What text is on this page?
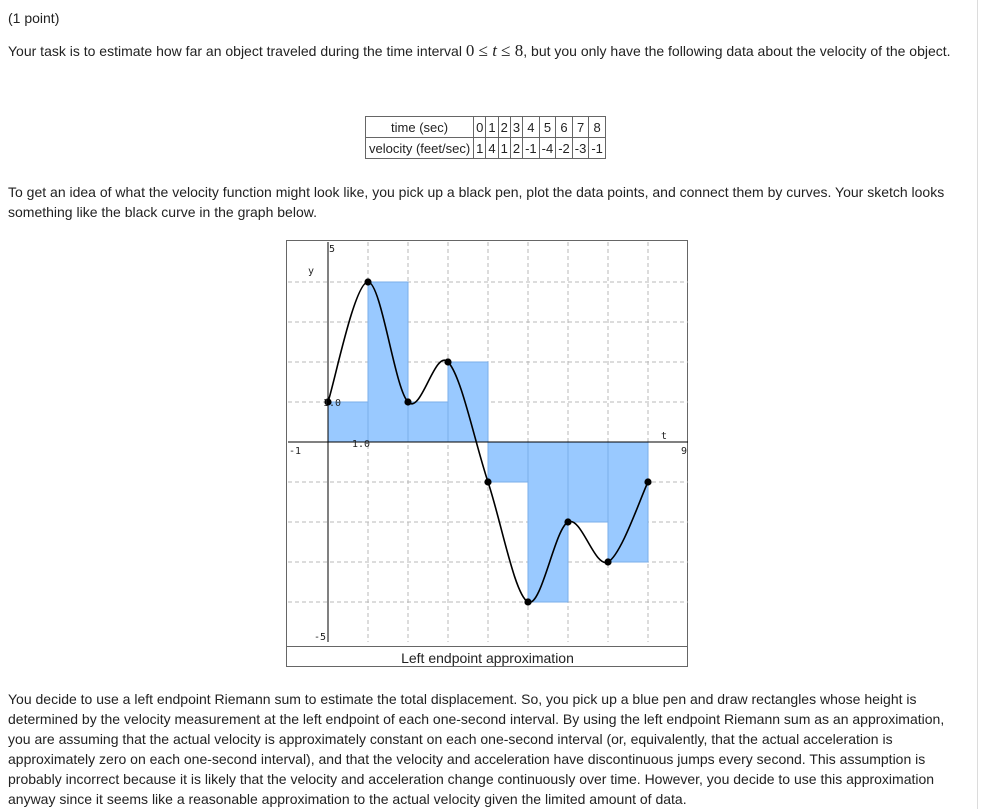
(1 point)
Your task is to estimate how far an object traveled during the time interval 0 ≤ t ≤ 8, but you only have the following data about the velocity of the object.
time (sec)	0	1	2	3	4	5	6	7	8
velocity (feet/sec)	1	4	1	2	-1	-4	-2	-3	-1
To get an idea of what the velocity function might look like, you pick up a black pen, plot the data points, and connect them by curves. Your sketch looks something like the black curve in the graph below.
y
5
-5
1.0
-1	9
1.0
t
Left endpoint approximation
You decide to use a left endpoint Riemann sum to estimate the total displacement. So, you pick up a blue pen and draw rectangles whose height is determined by the velocity measurement at the left endpoint of each one-second interval. By using the left endpoint Riemann sum as an approximation, you are assuming that the actual velocity is approximately constant on each one-second interval (or, equivalently, that the actual acceleration is approximately zero on each one-second interval), and that the velocity and acceleration have discontinuous jumps every second. This assumption is probably incorrect because it is likely that the velocity and acceleration change continuously over time. However, you decide to use this approximation anyway since it seems like a reasonable approximation to the actual velocity given the limited amount of data.
